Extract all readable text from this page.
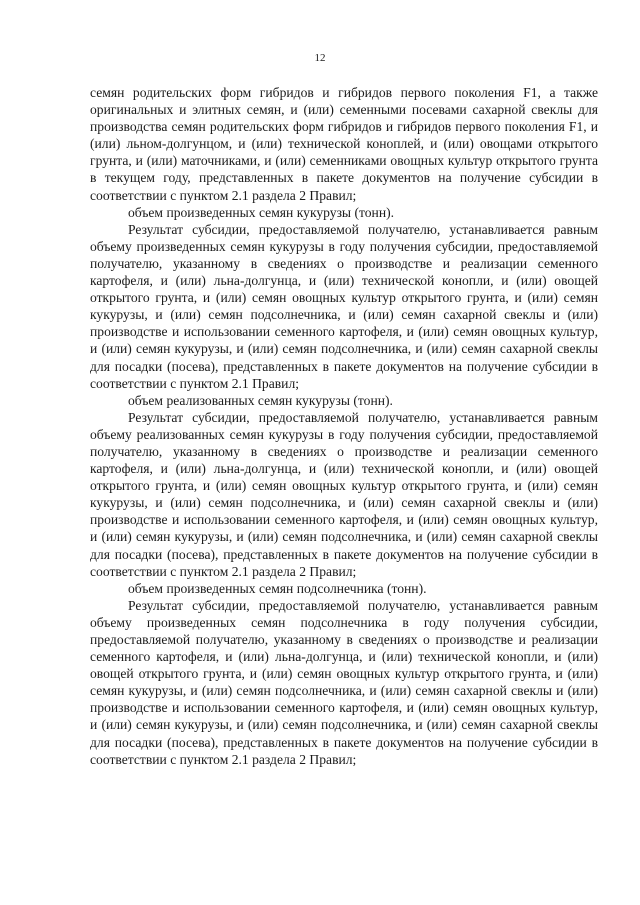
12

семян родительских форм гибридов и гибридов первого поколения F1, а также оригинальных и элитных семян, и (или) семенными посевами сахарной свеклы для производства семян родительских форм гибридов и гибридов первого поколения F1, и (или) льном-долгунцом, и (или) технической коноплей, и (или) овощами открытого грунта, и (или) маточниками, и (или) семенниками овощных культур открытого грунта в текущем году, представленных в пакете документов на получение субсидии в соответствии с пунктом 2.1 раздела 2 Правил;

объем произведенных семян кукурузы (тонн).

Результат субсидии, предоставляемой получателю, устанавливается равным объему произведенных семян кукурузы в году получения субсидии, предоставляемой получателю, указанному в сведениях о производстве и реализации семенного картофеля, и (или) льна-долгунца, и (или) технической конопли, и (или) овощей открытого грунта, и (или) семян овощных культур открытого грунта, и (или) семян кукурузы, и (или) семян подсолнечника, и (или) семян сахарной свеклы и (или) производстве и использовании семенного картофеля, и (или) семян овощных культур, и (или) семян кукурузы, и (или) семян подсолнечника, и (или) семян сахарной свеклы для посадки (посева), представленных в пакете документов на получение субсидии в соответствии с пунктом 2.1 Правил;

объем реализованных семян кукурузы (тонн).

Результат субсидии, предоставляемой получателю, устанавливается равным объему реализованных семян кукурузы в году получения субсидии, предоставляемой получателю, указанному в сведениях о производстве и реализации семенного картофеля, и (или) льна-долгунца, и (или) технической конопли, и (или) овощей открытого грунта, и (или) семян овощных культур открытого грунта, и (или) семян кукурузы, и (или) семян подсолнечника, и (или) семян сахарной свеклы и (или) производстве и использовании семенного картофеля, и (или) семян овощных культур, и (или) семян кукурузы, и (или) семян подсолнечника, и (или) семян сахарной свеклы для посадки (посева), представленных в пакете документов на получение субсидии в соответствии с пунктом 2.1 раздела 2 Правил;

объем произведенных семян подсолнечника (тонн).

Результат субсидии, предоставляемой получателю, устанавливается равным объему произведенных семян подсолнечника в году получения субсидии, предоставляемой получателю, указанному в сведениях о производстве и реализации семенного картофеля, и (или) льна-долгунца, и (или) технической конопли, и (или) овощей открытого грунта, и (или) семян овощных культур открытого грунта, и (или) семян кукурузы, и (или) семян подсолнечника, и (или) семян сахарной свеклы и (или) производстве и использовании семенного картофеля, и (или) семян овощных культур, и (или) семян кукурузы, и (или) семян подсолнечника, и (или) семян сахарной свеклы для посадки (посева), представленных в пакете документов на получение субсидии в соответствии с пунктом 2.1 раздела 2 Правил;
